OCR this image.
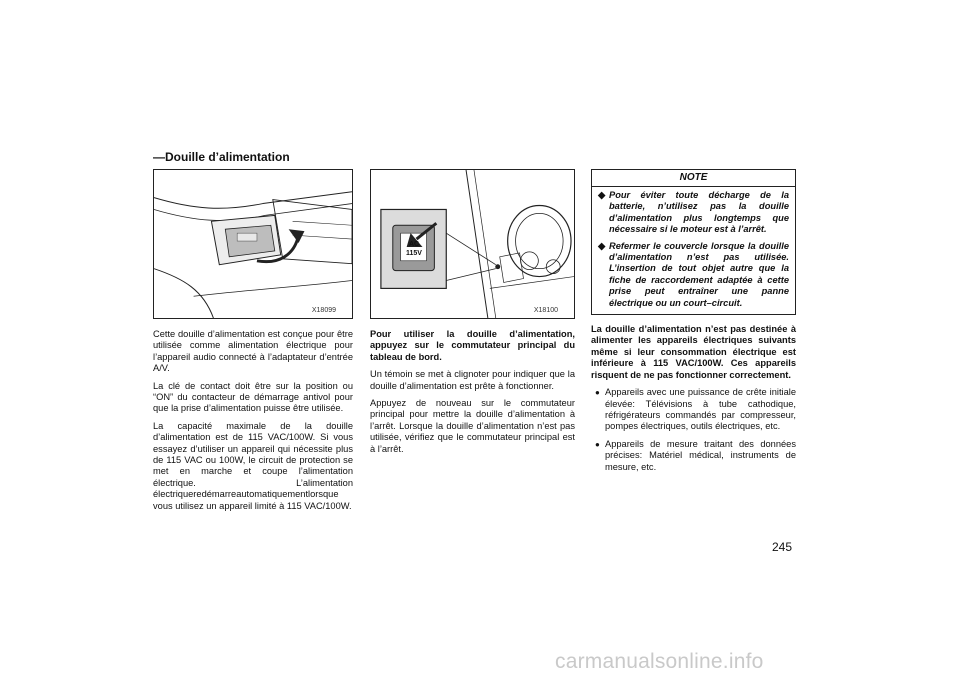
—Douille d’alimentation
X18099

Cette douille d’alimentation est conçue pour être utilisée comme alimentation électrique pour l’appareil audio connecté à l’adaptateur d’entrée A/V.

La clé de contact doit être sur la position ou “ON” du contacteur de démarrage antivol pour que la prise d’alimentation puisse être utilisée.

La capacité maximale de la douille d’alimentation est de 115 VAC/100W. Si vous essayez d’utiliser un appareil qui nécessite plus de 115 VAC ou 100W, le circuit de protection se met en marche et coupe l’alimentation électrique. L’alimentation électriqueredémarreautomatiquementlorsque vous utilisez un appareil limité à 115 VAC/100W.

AC
115V
X18100

Pour utiliser la douille d’alimentation, appuyez sur le commutateur principal du tableau de bord.

Un témoin se met à clignoter pour indiquer que la douille d’alimentation est prête à fonctionner.

Appuyez de nouveau sur le commutateur principal pour mettre la douille d’alimentation à l’arrêt. Lorsque la douille d’alimentation n’est pas utilisée, vérifiez que le commutateur principal est à l’arrêt.

NOTE
◆ Pour éviter toute décharge de la batterie, n’utilisez pas la douille d’alimentation plus longtemps que nécessaire si le moteur est à l’arrêt.
◆ Refermer le couvercle lorsque la douille d’alimentation n’est pas utilisée. L’insertion de tout objet autre que la fiche de raccordement adaptée à cette prise peut entraîner une panne électrique ou un court–circuit.

La douille d’alimentation n’est pas destinée à alimenter les appareils électriques suivants même si leur consommation électrique est inférieure à 115 VAC/100W. Ces appareils risquent de ne pas fonctionner correctement.

● Appareils avec une puissance de crête initiale élevée: Télévisions à tube cathodique, réfrigérateurs commandés par compresseur, pompes électriques, outils électriques, etc.
● Appareils de mesure traitant des données précises: Matériel médical, instruments de mesure, etc.
245
carmanualsonline.info
